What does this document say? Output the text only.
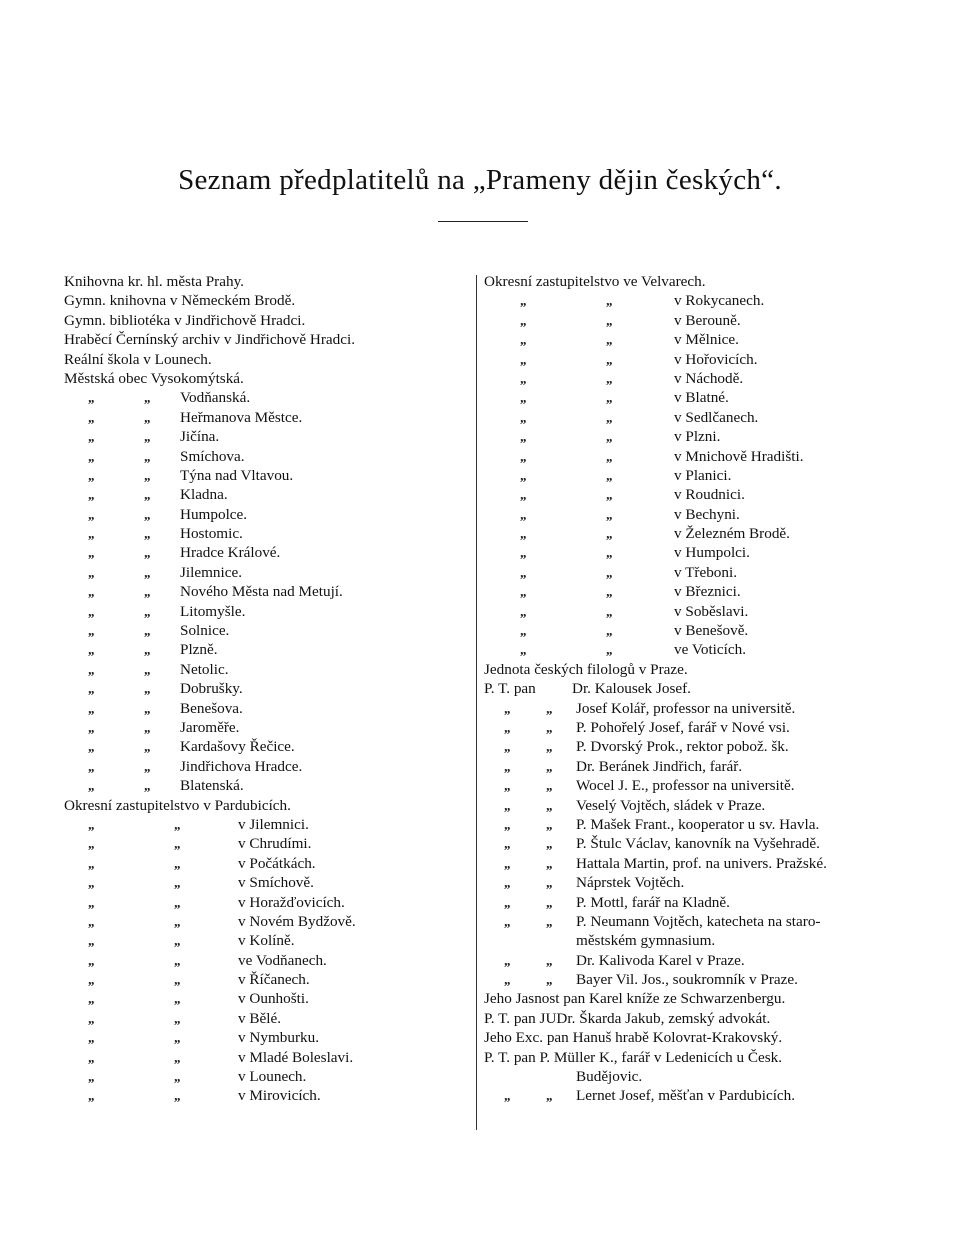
Seznam předplatitelů na „Prameny dějin českých“.
Knihovna kr. hl. města Prahy.
Gymn. knihovna v Německém Brodě.
Gymn. bibliotéka v Jindřichově Hradci.
Hraběcí Černínský archiv v Jindřichově Hradci.
Reální škola v Lounech.
Městská obec Vysokomýtská.
„	„ Vodňanská.
„	„ Heřmanova Městce.
„	„ Jičína.
„	„ Smíchova.
„	„ Týna nad Vltavou.
„	„ Kladna.
„	„ Humpolce.
„	„ Hostomic.
„	„ Hradce Králové.
„	„ Jilemnice.
„	„ Nového Města nad Metují.
„	„ Litomyšle.
„	„ Solnice.
„	„ Plzně.
„	„ Netolic.
„	„ Dobrušky.
„	„ Benešova.
„	„ Jaroměře.
„	„ Kardašovy Řečice.
„	„ Jindřichova Hradce.
„	„ Blatenská.
Okresní zastupitelstvo v Pardubicích.
„	„	v Jilemnici.
„	„	v Chrudími.
„	„	v Počátkách.
„	„	v Smíchově.
„	„	v Horažďovicích.
„	„	v Novém Bydžově.
„	„	v Kolíně.
„	„	ve Vodňanech.
„	„	v Říčanech.
„	„	v Ounhošti.
„	„	v Bělé.
„	„	v Nymburku.
„	„	v Mladé Boleslavi.
„	„	v Lounech.
„	„	v Mirovicích.
Okresní zastupitelstvo ve Velvarech.
„	„	v Rokycanech.
„	„	v Berouně.
„	„	v Mělnice.
„	„	v Hořovicích.
„	„	v Náchodě.
„	„	v Blatné.
„	„	v Sedlčanech.
„	„	v Plzni.
„	„	v Mnichově Hradišti.
„	„	v Planici.
„	„	v Roudnici.
„	„	v Bechyni.
„	„	v Železném Brodě.
„	„	v Humpolci.
„	„	v Třeboni.
„	„	v Březnici.
„	„	v Soběslavi.
„	„	v Benešově.
„	„	ve Voticích.
Jednota českých filologů v Praze.
P. T. pan Dr. Kalousek Josef.
„	„ Josef Kolář, professor na universitě.
„	„ P. Pohořelý Josef, farář v Nové vsi.
„	„ P. Dvorský Prok., rektor pobož. šk.
„	„ Dr. Beránek Jindřich, farář.
„	„ Wocel J. E., professor na universitě.
„	„ Veselý Vojtěch, sládek v Praze.
„	„ P. Mašek Frant., kooperator u sv. Havla.
„	„ P. Štulc Václav, kanovník na Vyšehradě.
„	„ Hattala Martin, prof. na univers. Pražské.
„	„ Náprstek Vojtěch.
„	„ P. Mottl, farář na Kladně.
„	„ P. Neumann Vojtěch, katecheta na staro-
městském gymnasium.
„	„ Dr. Kalivoda Karel v Praze.
„	„ Bayer Vil. Jos., soukromník v Praze.
Jeho Jasnost pan Karel kníže ze Schwarzenbergu.
P. T. pan JUDr. Škarda Jakub, zemský advokát.
Jeho Exc. pan Hanuš hrabě Kolovrat-Krakovský.
P. T. pan P. Müller K., farář v Ledenicích u Česk.
Budějovic.
„	„ Lernet Josef, měšťan v Pardubicích.
